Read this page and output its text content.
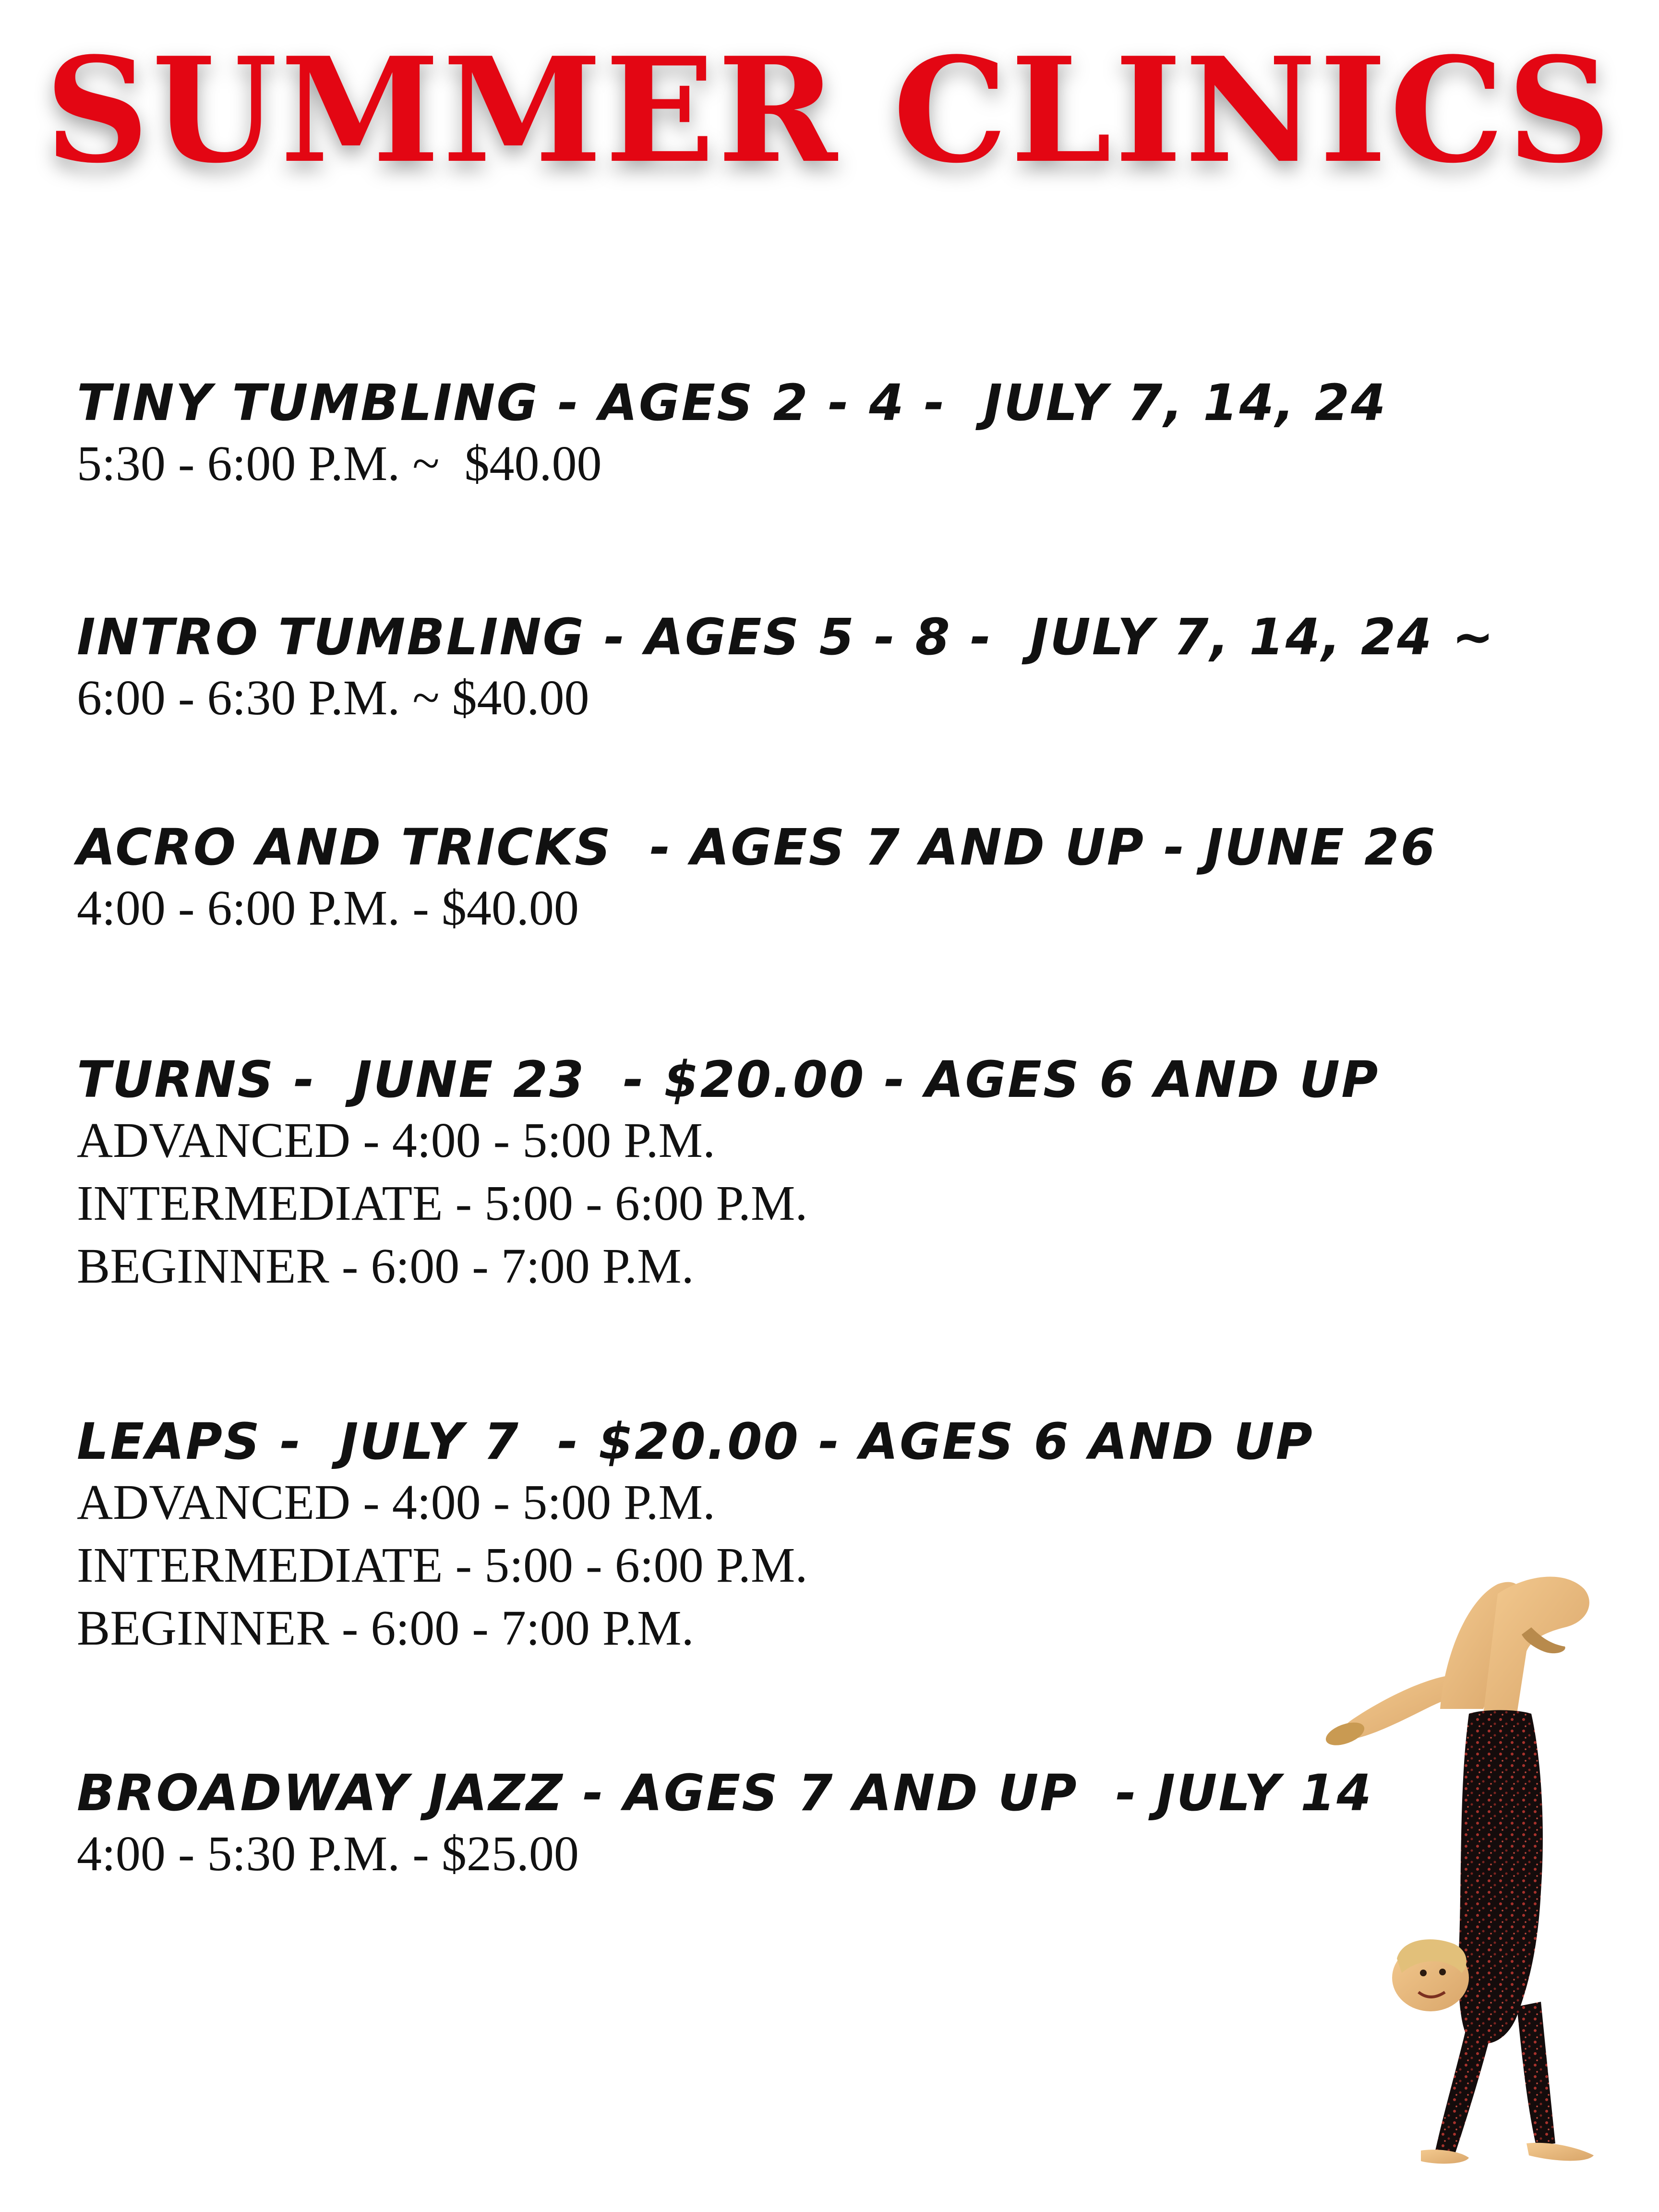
SUMMER CLINICS

TINY TUMBLING - AGES 2 - 4 -  JULY 7, 14, 24

5:30 - 6:00 P.M. ~  $40.00

INTRO TUMBLING - AGES 5 - 8 -  JULY 7, 14, 24 ~

6:00 - 6:30 P.M. ~ $40.00

ACRO AND TRICKS  - AGES 7 AND UP - JUNE 26

4:00 - 6:00 P.M. - $40.00

TURNS -  JUNE 23  - $20.00 - AGES 6 AND UP

ADVANCED - 4:00 - 5:00 P.M.

INTERMEDIATE - 5:00 - 6:00 P.M.

BEGINNER - 6:00 - 7:00 P.M.

LEAPS -  JULY 7  - $20.00 - AGES 6 AND UP

ADVANCED - 4:00 - 5:00 P.M.

INTERMEDIATE - 5:00 - 6:00 P.M.

BEGINNER - 6:00 - 7:00 P.M.

BROADWAY JAZZ - AGES 7 AND UP  - JULY 14

4:00 - 5:30 P.M. - $25.00
